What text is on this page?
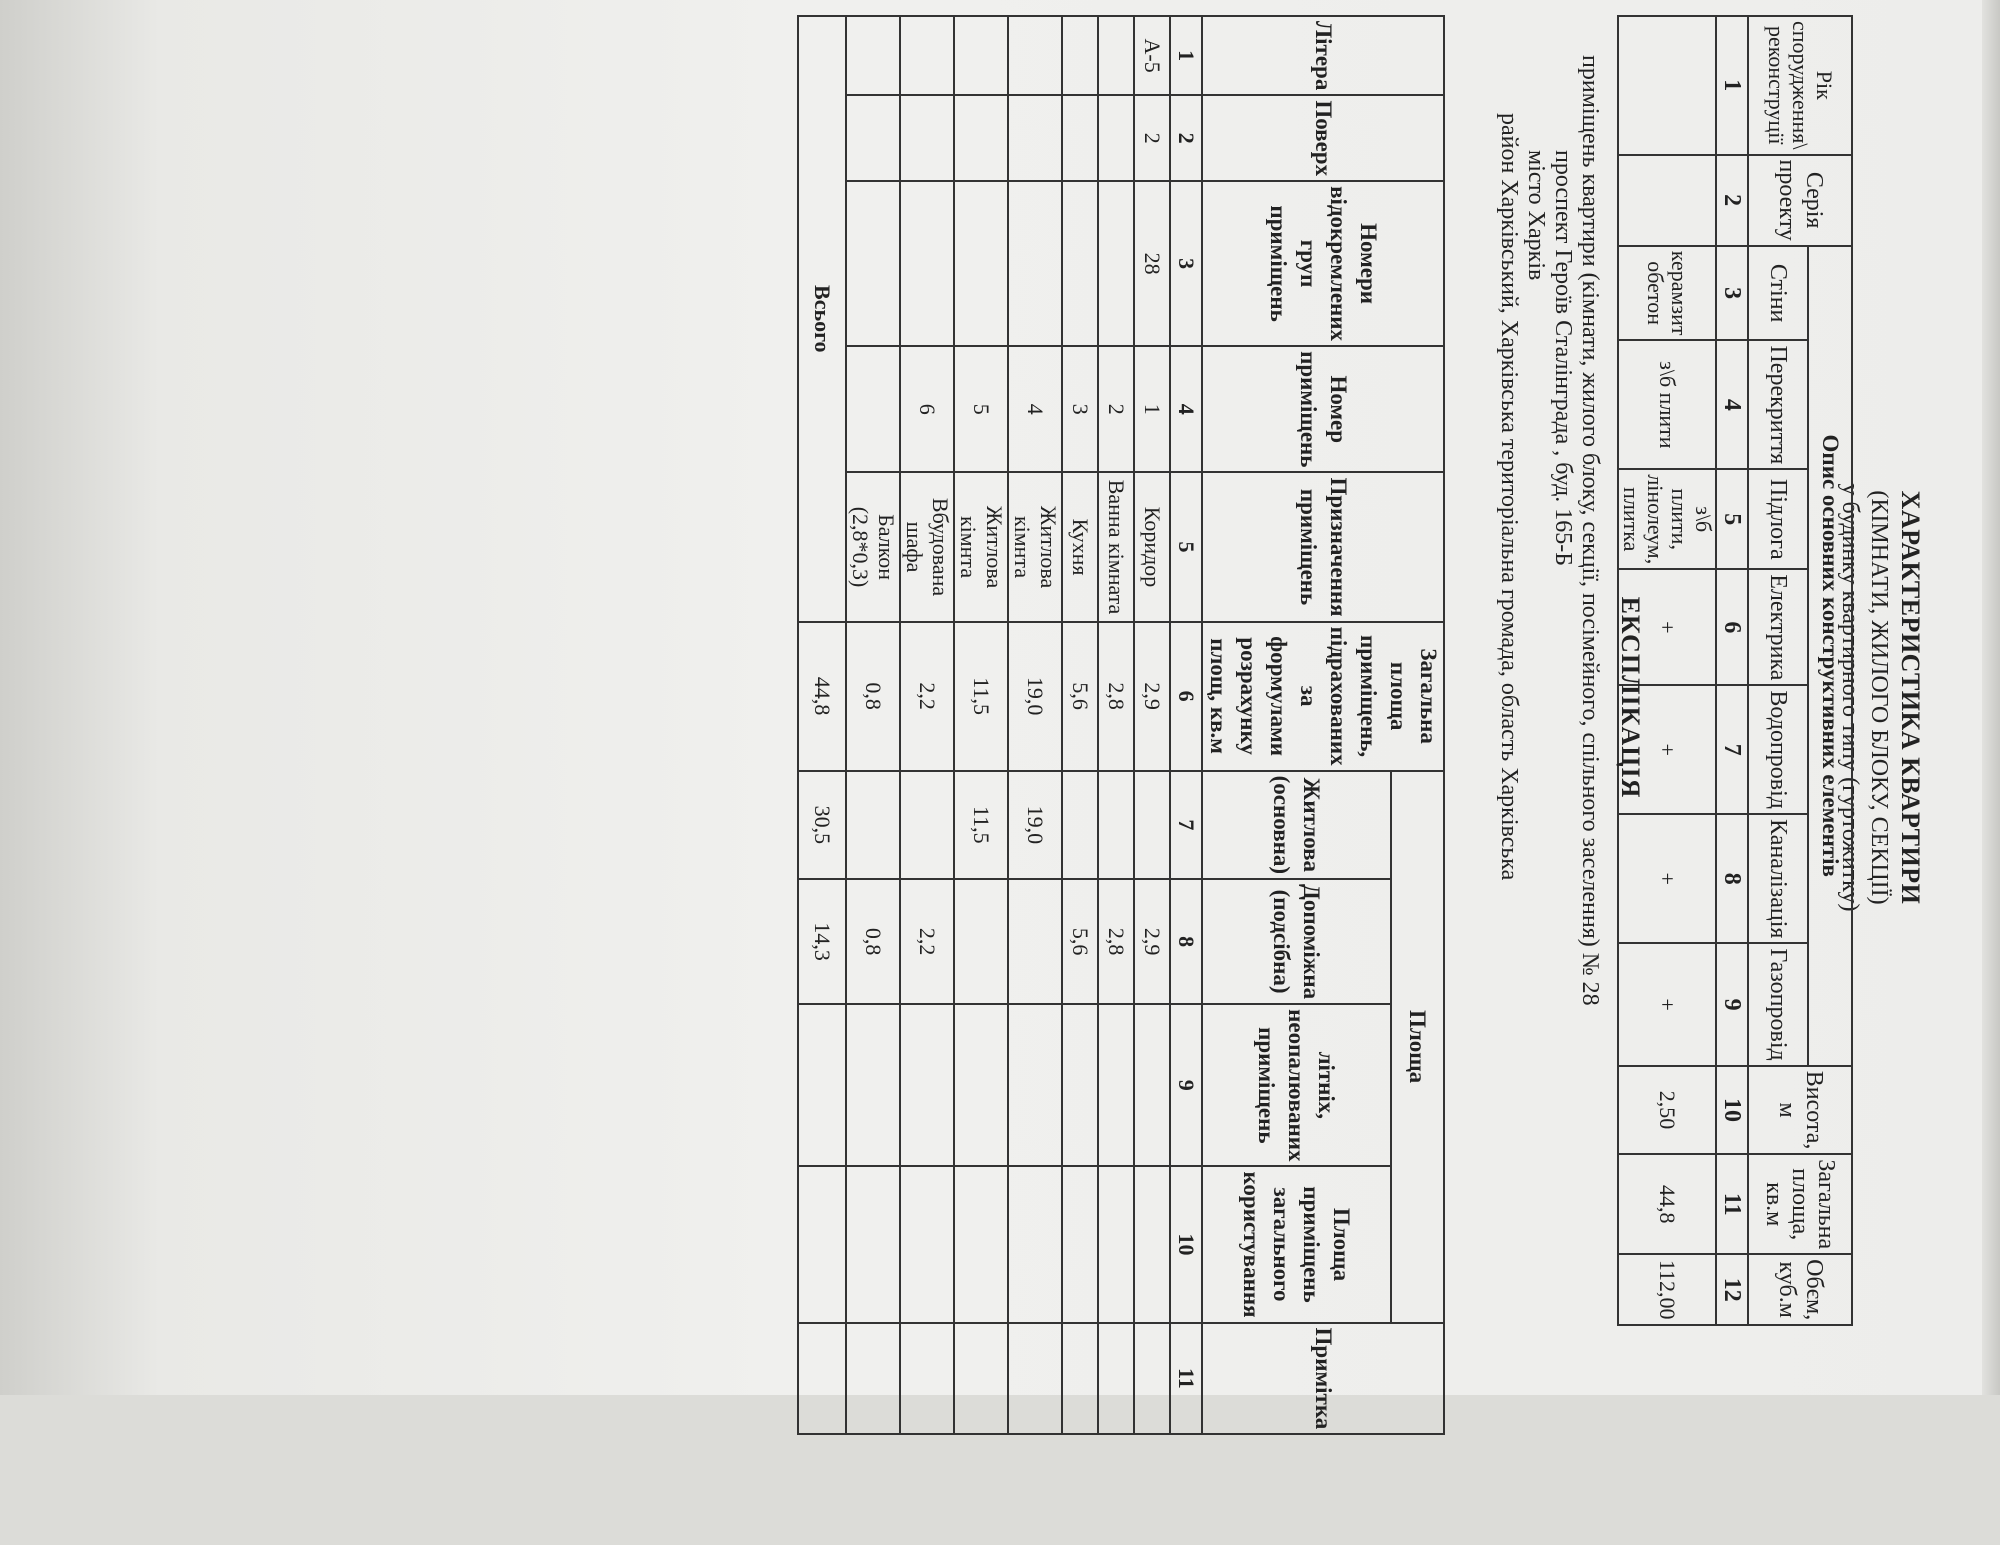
ХАРАКТЕРИСТИКА КВАРТИРИ
(КІМНАТИ, ЖИЛОГО БЛОКУ, СЕКЦІЇ)
у будинку квартирного типу (гуртожитку)
Рік спорудження\ реконструції	Серія проекту	Опис основних конструктивних елементів							Висота, м	Загальна площа, кв.м	Обєм, куб.м
		Стіни	Перекриття	Підлога	Електрика	Водопровід	Каналізація	Газопровід			
1	2	3	4	5	6	7	8	9	10	11	12
		керамзит обетон	з\б плити	з\б плити, лінолеум, плитка	+	+	+	+	2,50	44,8	112,00
ЕКСПЛІКАЦІЯ
приміщень квартири (кімнати, жилого блоку, секції, посімейного, спільного заселення) № 28
проспект Героїв Сталінграда , буд. 165-Б
місто Харків
район Харківський, Харківська територіальна громада, область Харківська
Літера	Поверх	Номери відокремлених груп приміщень	Номер приміщень	Призначення приміщень	Загальна площа приміщень, підрахованих за формулами розрахунку площ, кв.м	Площа				Примітка
						Житлова (основна)	Допоміжна (подсібна)	літніх, неопалюваних приміщень	Площа приміщень загального користування	
1	2	3	4	5	6	7	8	9	10	11
А-5	2	28	1	Коридор	2,9		2,9			
			2	Ванна кімната	2,8		2,8			
			3	Кухня	5,6		5,6			
			4	Житлова кімнта	19,0	19,0				
			5	Житлова кімнта	11,5	11,5				
			6	Вбудована шафа	2,2		2,2			
				Балкон (2,8*0,3)	0,8		0,8			
Всього					44,8	30,5	14,3			
